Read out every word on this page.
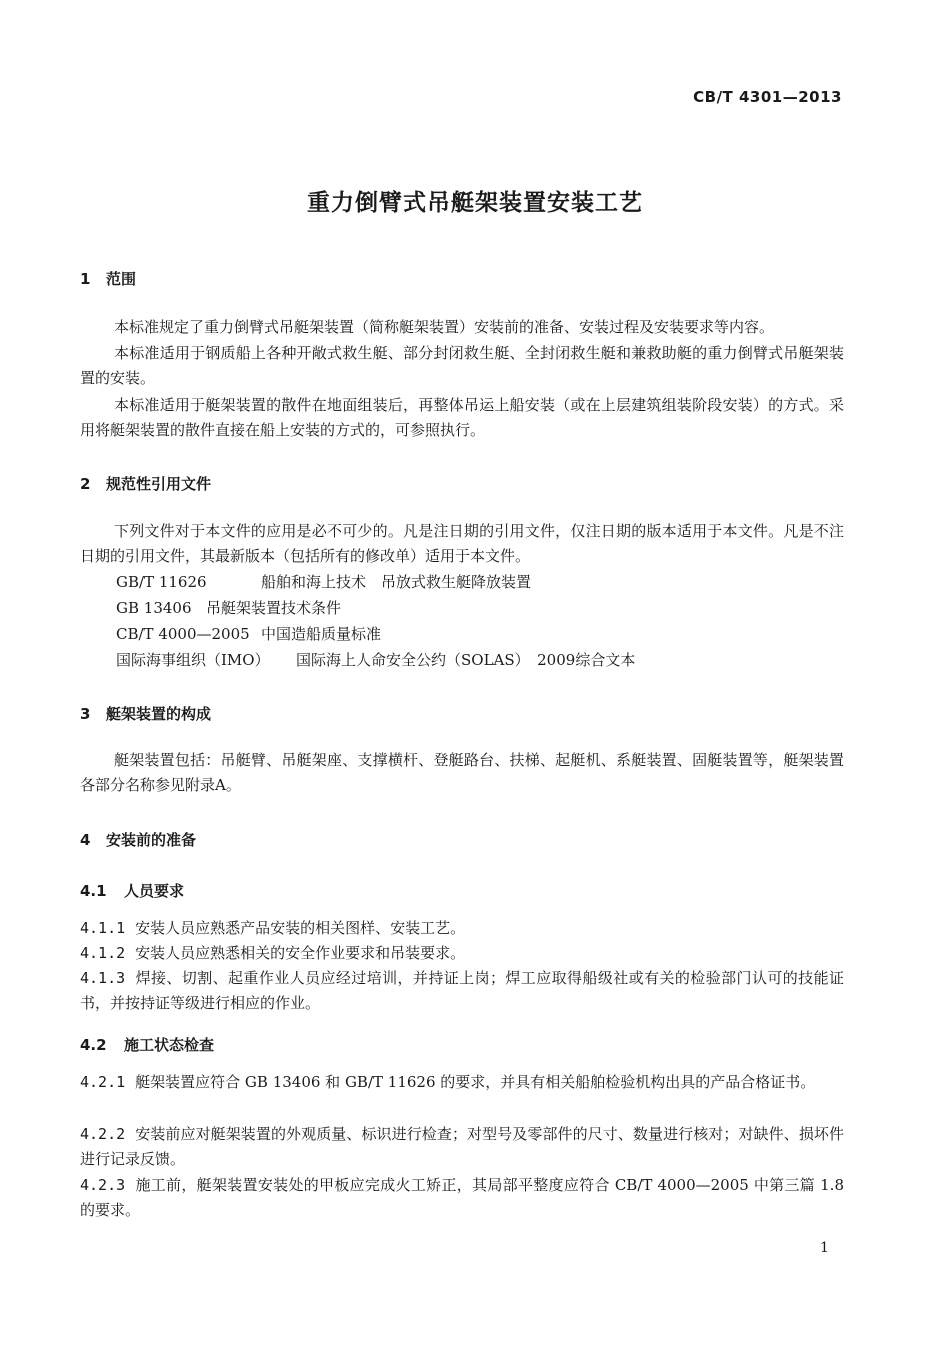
CB/T 4301—2013
重力倒臂式吊艇架装置安装工艺
1 范围
本标准规定了重力倒臂式吊艇架装置（简称艇架装置）安装前的准备、安装过程及安装要求等内容。
本标准适用于钢质船上各种开敞式救生艇、部分封闭救生艇、全封闭救生艇和兼救助艇的重力倒臂式吊艇架装置的安装。
本标准适用于艇架装置的散件在地面组装后，再整体吊运上船安装（或在上层建筑组装阶段安装）的方式。采用将艇架装置的散件直接在船上安装的方式的，可参照执行。
2 规范性引用文件
下列文件对于本文件的应用是必不可少的。凡是注日期的引用文件，仅注日期的版本适用于本文件。凡是不注日期的引用文件，其最新版本（包括所有的修改单）适用于本文件。
GB/T 11626	船舶和海上技术　吊放式救生艇降放装置
GB 13406 吊艇架装置技术条件
CB/T 4000—2005 中国造船质量标准
国际海事组织（IMO） 国际海上人命安全公约（SOLAS）　2009综合文本
3 艇架装置的构成
艇架装置包括：吊艇臂、吊艇架座、支撑横杆、登艇路台、扶梯、起艇机、系艇装置、固艇装置等，艇架装置各部分名称参见附录A。
4 安装前的准备
4.1 人员要求
4.1.1 安装人员应熟悉产品安装的相关图样、安装工艺。
4.1.2 安装人员应熟悉相关的安全作业要求和吊装要求。
4.1.3 焊接、切割、起重作业人员应经过培训，并持证上岗；焊工应取得船级社或有关的检验部门认可的技能证书，并按持证等级进行相应的作业。
4.2 施工状态检查
4.2.1 艇架装置应符合 GB 13406 和 GB/T 11626 的要求，并具有相关船舶检验机构出具的产品合格证书。
4.2.2 安装前应对艇架装置的外观质量、标识进行检查；对型号及零部件的尺寸、数量进行核对；对缺件、损坏件进行记录反馈。
4.2.3 施工前，艇架装置安装处的甲板应完成火工矫正，其局部平整度应符合 CB/T 4000—2005 中第三篇 1.8 的要求。
1
